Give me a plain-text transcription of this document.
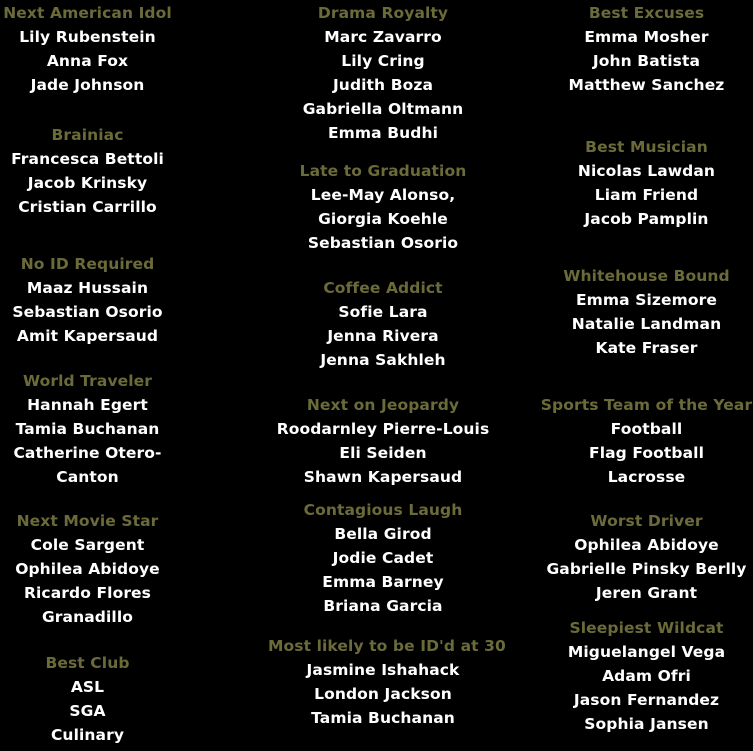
Next American Idol
Lily Rubenstein
Anna Fox
Jade Johnson
Brainiac
Francesca Bettoli
Jacob Krinsky
Cristian Carrillo
No ID Required
Maaz Hussain
Sebastian Osorio
Amit Kapersaud
World Traveler
Hannah Egert
Tamia Buchanan
Catherine Otero-
Canton
Next Movie Star
Cole Sargent
Ophilea Abidoye
Ricardo Flores
Granadillo
Best Club
ASL
SGA
Culinary
Drama Royalty
Marc Zavarro
Lily Cring
Judith Boza
Gabriella Oltmann
Emma Budhi
Late to Graduation
Lee-May Alonso,
Giorgia Koehle
Sebastian Osorio
Coffee Addict
Sofie Lara
Jenna Rivera
Jenna Sakhleh
Next on Jeopardy
Roodarnley Pierre-Louis
Eli Seiden
Shawn Kapersaud
Contagious Laugh
Bella Girod
Jodie Cadet
Emma Barney
Briana Garcia
Most likely to be ID'd at 30
Jasmine Ishahack
London Jackson
Tamia Buchanan
Best Excuses
Emma Mosher
John Batista
Matthew Sanchez
Best Musician
Nicolas Lawdan
Liam Friend
Jacob Pamplin
Whitehouse Bound
Emma Sizemore
Natalie Landman
Kate Fraser
Sports Team of the Year
Football
Flag Football
Lacrosse
Worst Driver
Ophilea Abidoye
Gabrielle Pinsky Berlly
Jeren Grant
Sleepiest Wildcat
Miguelangel Vega
Adam Ofri
Jason Fernandez
Sophia Jansen
